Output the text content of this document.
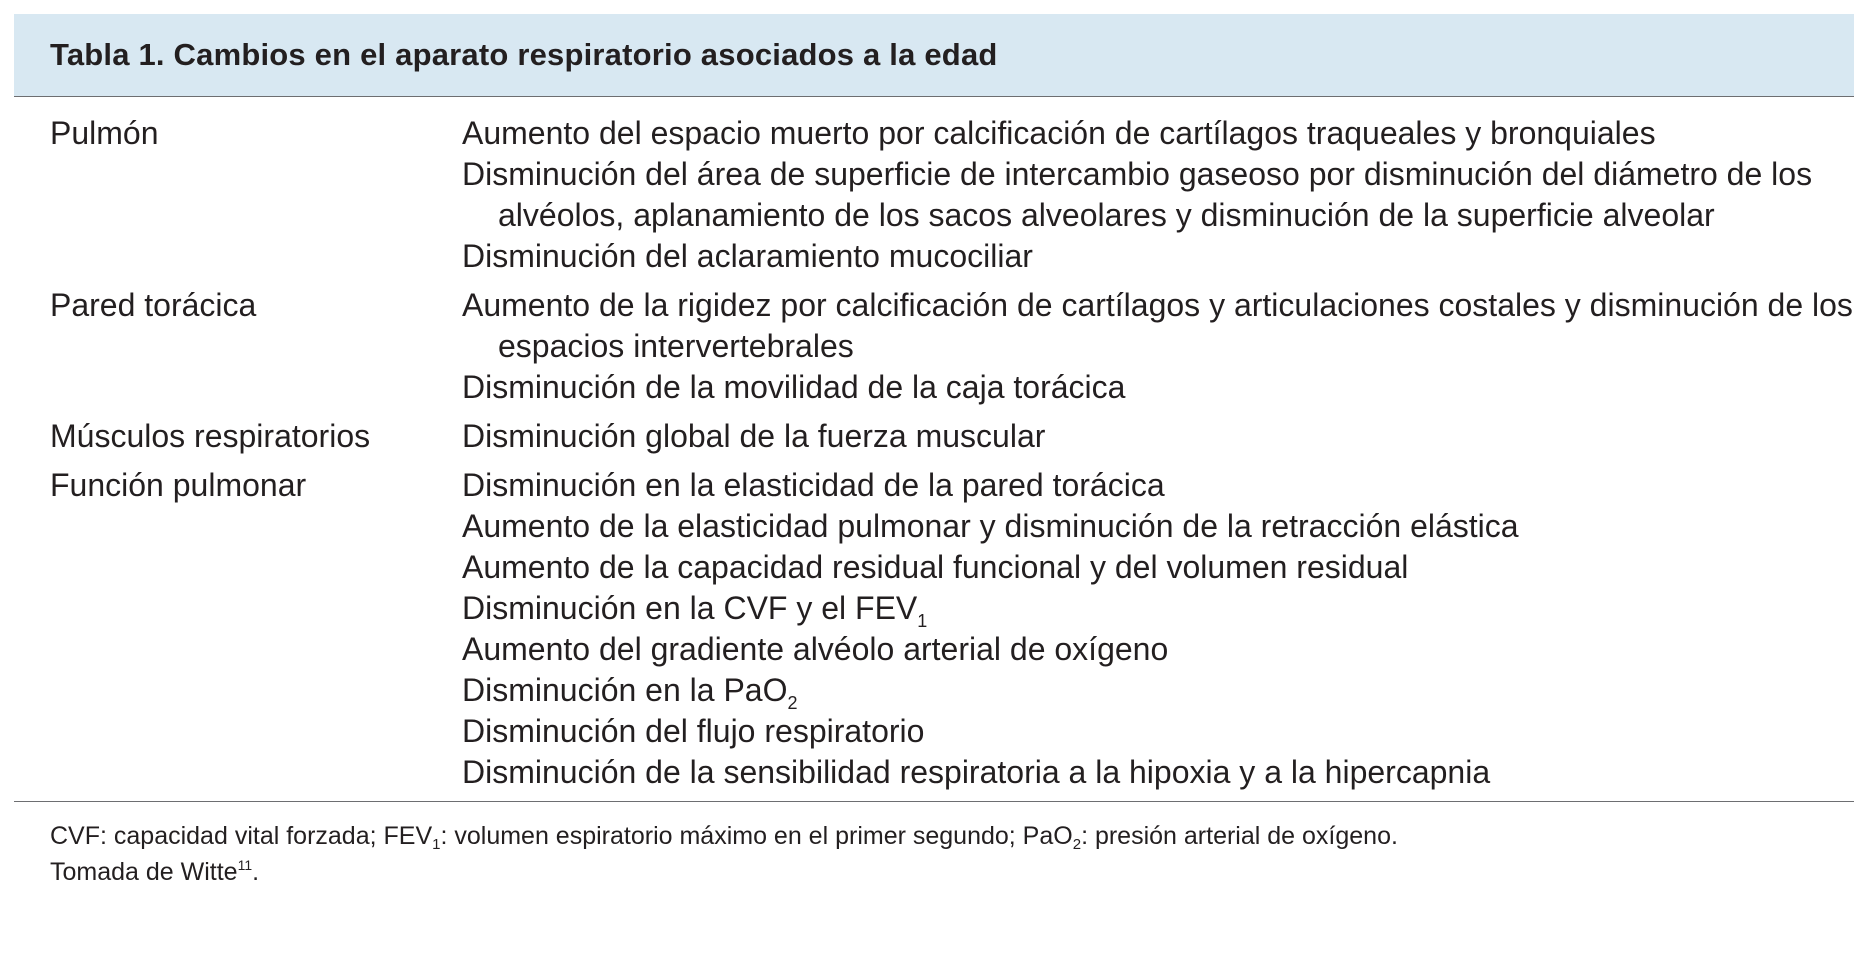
Tabla 1. Cambios en el aparato respiratorio asociados a la edad
Pulmón	Aumento del espacio muerto por calcificación de cartílagos traqueales y bronquiales
Disminución del área de superficie de intercambio gaseoso por disminución del diámetro de los alvéolos, aplanamiento de los sacos alveolares y disminución de la superficie alveolar
Disminución del aclaramiento mucociliar
Pared torácica	Aumento de la rigidez por calcificación de cartílagos y articulaciones costales y disminución de los espacios intervertebrales
Disminución de la movilidad de la caja torácica
Músculos respiratorios	Disminución global de la fuerza muscular
Función pulmonar	Disminución en la elasticidad de la pared torácica
Aumento de la elasticidad pulmonar y disminución de la retracción elástica
Aumento de la capacidad residual funcional y del volumen residual
Disminución en la CVF y el $FEV_1$
Aumento del gradiente alvéolo arterial de oxígeno
Disminución en la PaO$_2$
Disminución del flujo respiratorio
Disminución de la sensibilidad respiratoria a la hipoxia y a la hipercapnia
CVF: capacidad vital forzada; $FEV_1$: volumen espiratorio máximo en el primer segundo; PaO$_2$: presión arterial de oxígeno.
Tomada de Witte$^{11}$.
